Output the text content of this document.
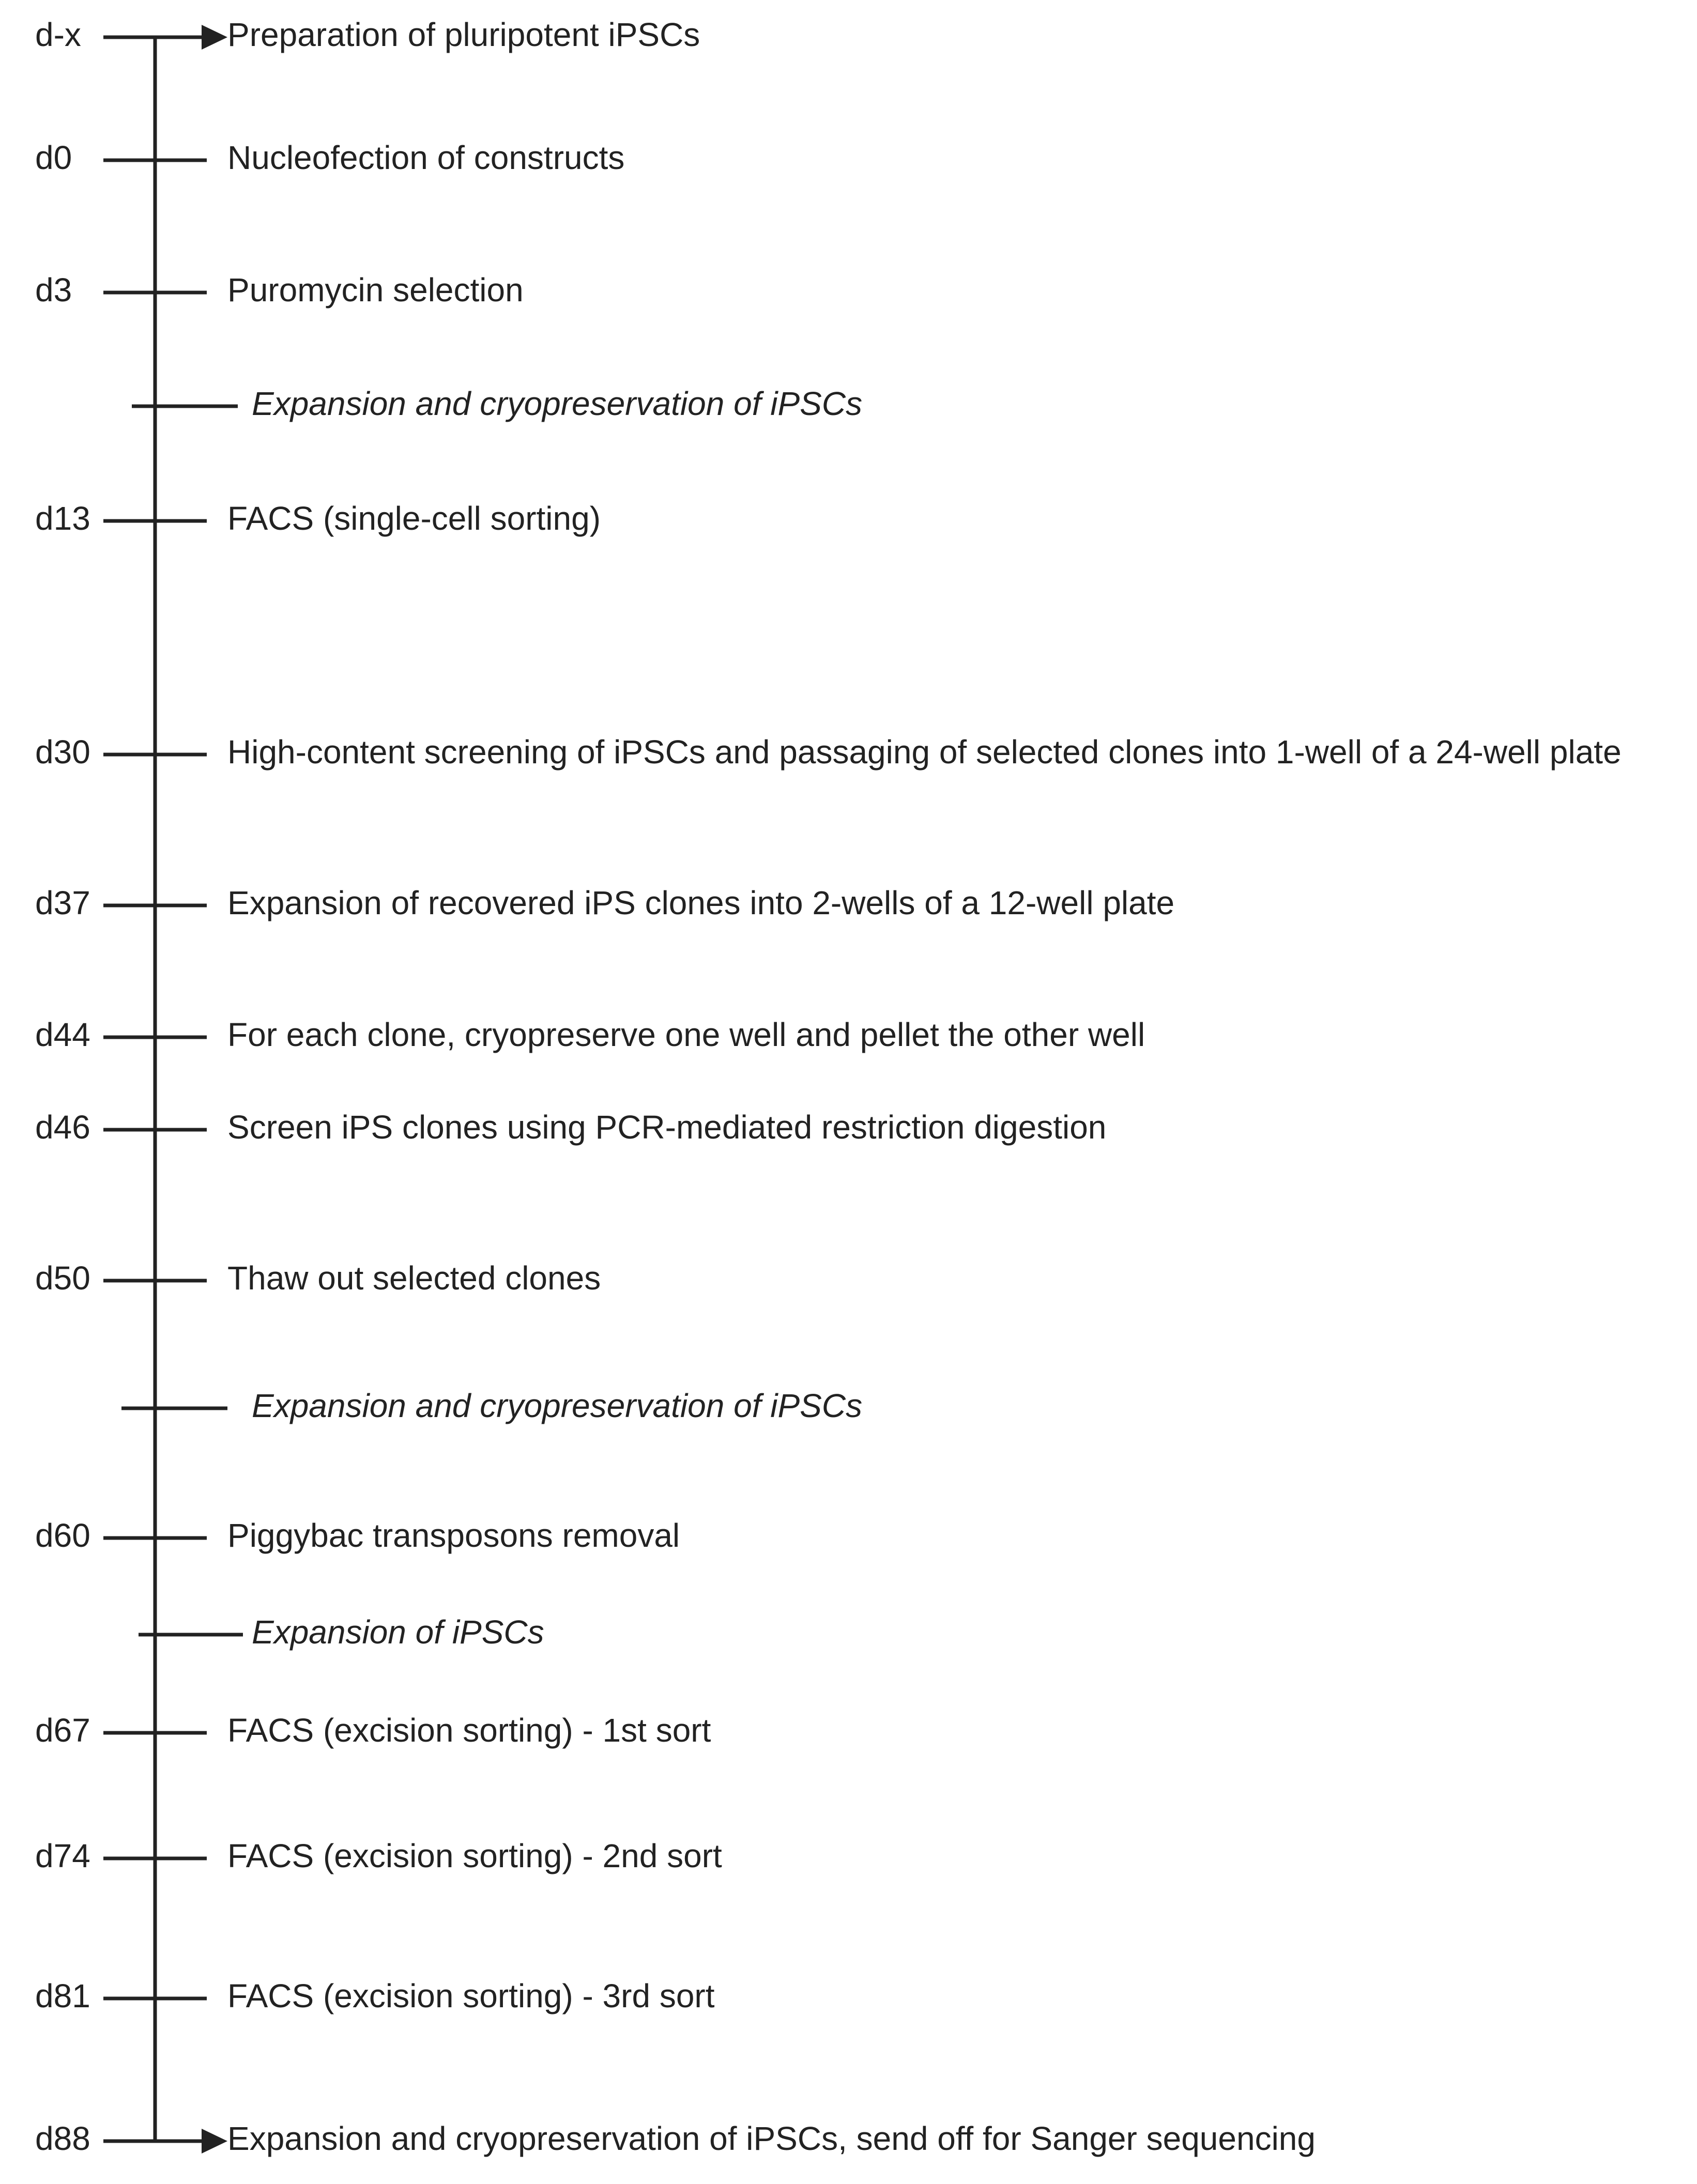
d-x	Preparation of pluripotent iPSCs
d0	Nucleofection of constructs
d3	Puromycin selection
Expansion and cryopreservation of iPSCs
d13	FACS (single-cell sorting)
d30	High-content screening of iPSCs and passaging of selected clones into 1-well of a 24-well plate
d37	Expansion of recovered iPS clones into 2-wells of a 12-well plate
d44	For each clone, cryopreserve one well and pellet the other well
d46	Screen iPS clones using PCR-mediated restriction digestion
d50	Thaw out selected clones
Expansion and cryopreservation of iPSCs
d60	Piggybac transposons removal
Expansion of iPSCs
d67	FACS (excision sorting) - 1st sort
d74	FACS (excision sorting) - 2nd sort
d81	FACS (excision sorting) - 3rd sort
d88	Expansion and cryopreservation of iPSCs, send off for Sanger sequencing
